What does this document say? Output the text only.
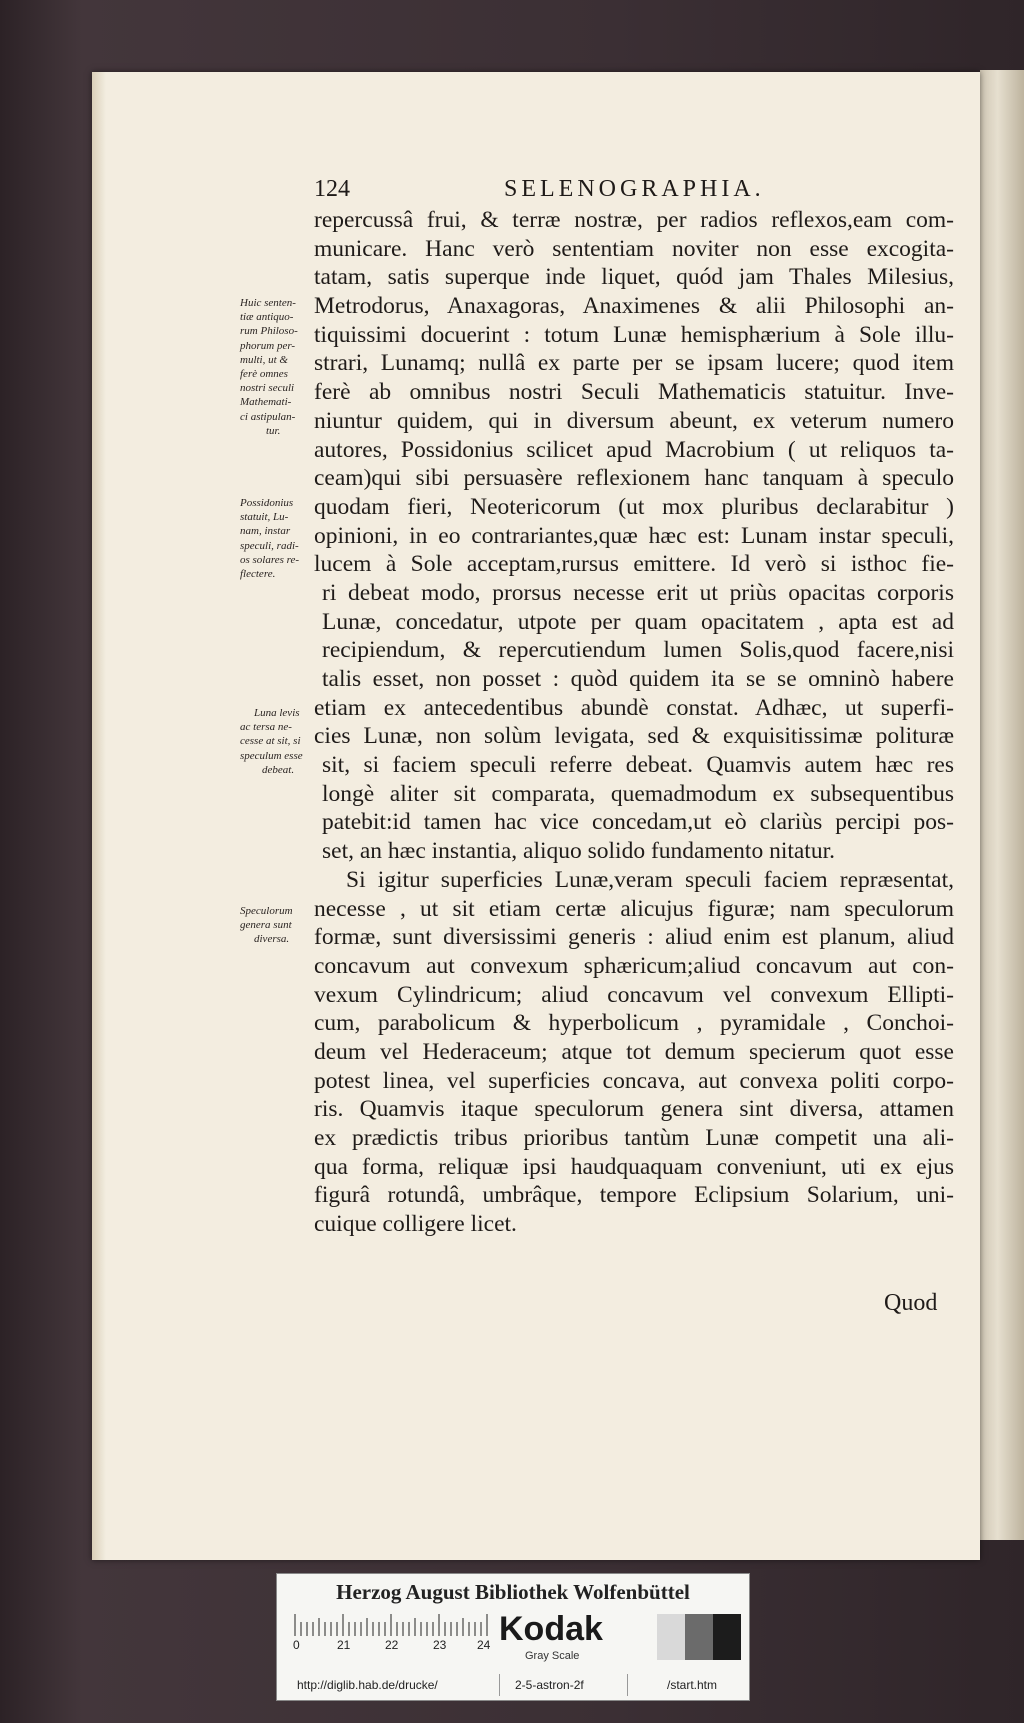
124	SELENOGRAPHIA.
repercussâ frui, & terræ nostræ, per radios reflexos,eam com-
municare. Hanc verò sententiam noviter non esse excogita-
tatam, satis superque inde liquet, quód jam Thales Milesius,
Metrodorus, Anaxagoras, Anaximenes & alii Philosophi an-
tiquissimi docuerint : totum Lunæ hemisphærium à Sole illu-
strari, Lunamq; nullâ ex parte per se ipsam lucere; quod item
ferè ab omnibus nostri Seculi Mathematicis statuitur. Inve-
niuntur quidem, qui in diversum abeunt, ex veterum numero
autores, Possidonius scilicet apud Macrobium ( ut reliquos ta-
ceam)qui sibi persuasère reflexionem hanc tanquam à speculo
quodam fieri, Neotericorum (ut mox pluribus declarabitur )
opinioni, in eo contrariantes,quæ hæc est: Lunam instar speculi,
lucem à Sole acceptam,rursus emittere. Id verò si isthoc fie-
ri debeat modo, prorsus necesse erit ut priùs opacitas corporis
Lunæ, concedatur, utpote per quam opacitatem , apta est ad
recipiendum, & repercutiendum lumen Solis,quod facere,nisi
talis esset, non posset : quòd quidem ita se se omninò habere
etiam ex antecedentibus abundè constat. Adhæc, ut superfi-
cies Lunæ, non solùm levigata, sed & exquisitissimæ polituræ
sit, si faciem speculi referre debeat. Quamvis autem hæc res
longè aliter sit comparata, quemadmodum ex subsequentibus
patebit:id tamen hac vice concedam,ut eò clariùs percipi pos-
set, an hæc instantia, aliquo solido fundamento nitatur.
Si igitur superficies Lunæ,veram speculi faciem repræsentat,
necesse , ut sit etiam certæ alicujus figuræ; nam speculorum
formæ, sunt diversissimi generis : aliud enim est planum, aliud
concavum aut convexum sphæricum;aliud concavum aut con-
vexum Cylindricum; aliud concavum vel convexum Ellipti-
cum, parabolicum & hyperbolicum , pyramidale , Conchoi-
deum vel Hederaceum; atque tot demum specierum quot esse
potest linea, vel superficies concava, aut convexa politi corpo-
ris. Quamvis itaque speculorum genera sint diversa, attamen
ex prædictis tribus prioribus tantùm Lunæ competit una ali-
qua forma, reliquæ ipsi haudquaquam conveniunt, uti ex ejus
figurâ rotundâ, umbrâque, tempore Eclipsium Solarium, uni-
cuique colligere licet.
Huic senten-
tiæ antiquo-
rum Philoso-
phorum per-
multi, ut &
ferè omnes
nostri seculi
Mathemati-
ci astipulan-
tur.
Possidonius
statuit, Lu-
nam, instar
speculi, radi-
os solares re-
flectere.
Luna levis
ac tersa ne-
cesse at sit, si
speculum esse
debeat.
Speculorum
genera sunt
diversa.
Quod
Herzog August Bibliothek Wolfenbüttel
0	21	22	23	24 Kodak
Gray Scale
http://diglib.hab.de/drucke/	2-5-astron-2f	/start.htm
